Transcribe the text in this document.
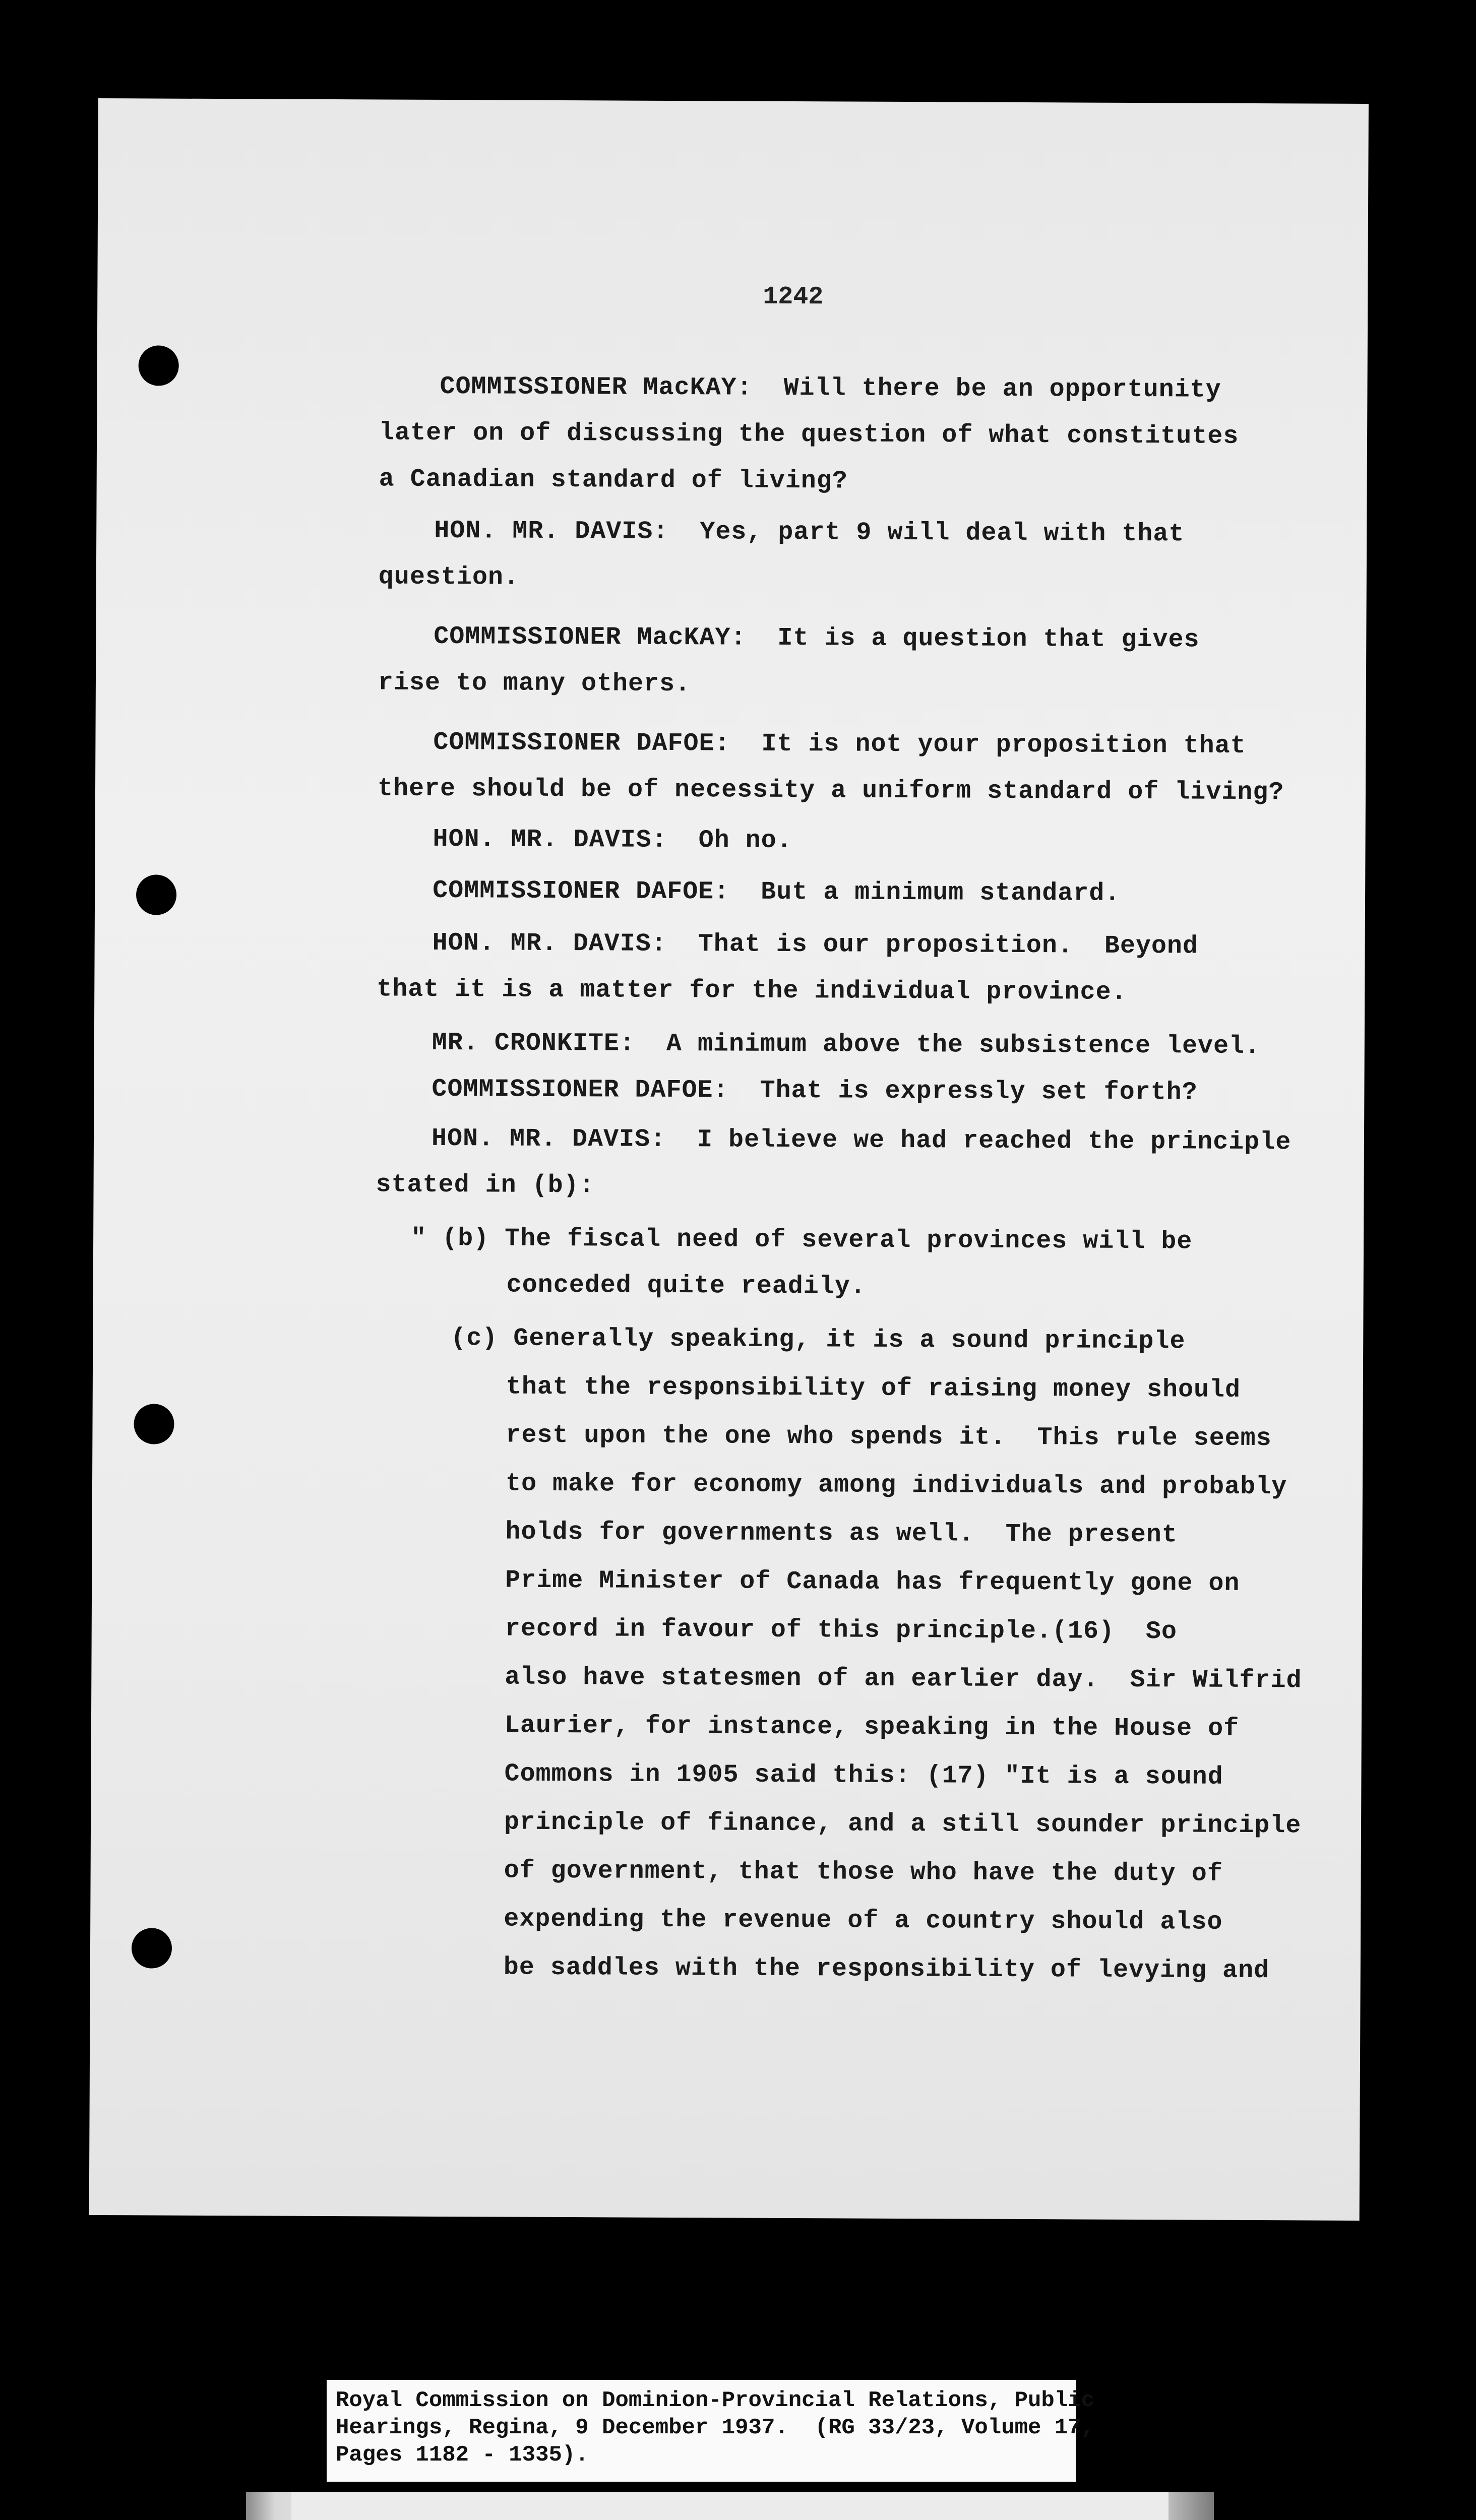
1242
COMMISSIONER MacKAY:  Will there be an opportunity
later on of discussing the question of what constitutes
a Canadian standard of living?
HON. MR. DAVIS:  Yes, part 9 will deal with that
question.
COMMISSIONER MacKAY:  It is a question that gives
rise to many others.
COMMISSIONER DAFOE:  It is not your proposition that
there should be of necessity a uniform standard of living?
HON. MR. DAVIS:  Oh no.
COMMISSIONER DAFOE:  But a minimum standard.
HON. MR. DAVIS:  That is our proposition.  Beyond
that it is a matter for the individual province.
MR. CRONKITE:  A minimum above the subsistence level.
COMMISSIONER DAFOE:  That is expressly set forth?
HON. MR. DAVIS:  I believe we had reached the principle
stated in (b):
" (b) The fiscal need of several provinces will be
conceded quite readily.
(c) Generally speaking, it is a sound principle
that the responsibility of raising money should
rest upon the one who spends it.  This rule seems
to make for economy among individuals and probably
holds for governments as well.  The present
Prime Minister of Canada has frequently gone on
record in favour of this principle.(16)  So
also have statesmen of an earlier day.  Sir Wilfrid
Laurier, for instance, speaking in the House of
Commons in 1905 said this: (17) "It is a sound
principle of finance, and a still sounder principle
of government, that those who have the duty of
expending the revenue of a country should also
be saddles with the responsibility of levying and
Royal Commission on Dominion-Provincial Relations, Public
Hearings, Regina, 9 December 1937.  (RG 33/23, Volume 17,
Pages 1182 - 1335).
